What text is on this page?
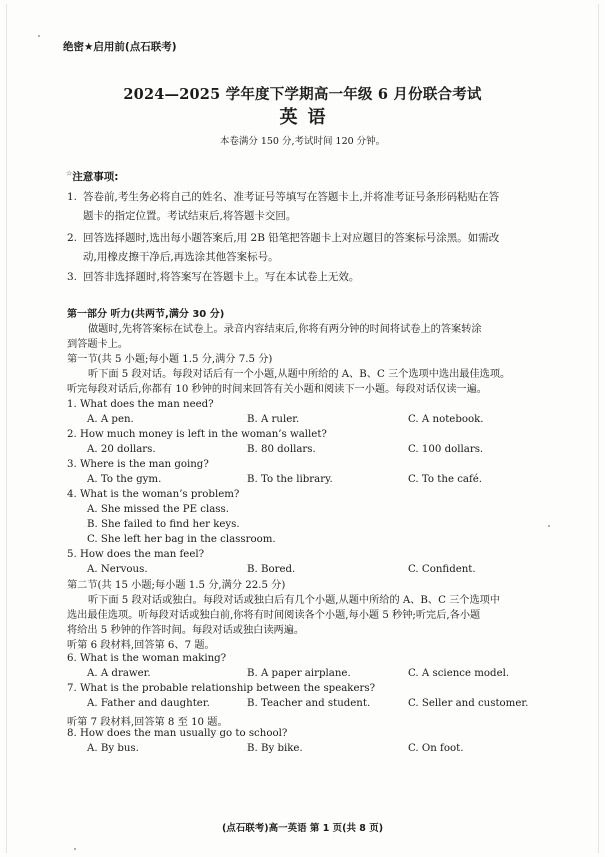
绝密★启用前(点石联考)
2024—2025 学年度下学期高一年级 6 月份联合考试
英语
本卷满分 150 分,考试时间 120 分钟。
☆注意事项:
1. 答卷前,考生务必将自己的姓名、准考证号等填写在答题卡上,并将准考证号条形码粘贴在答
题卡的指定位置。考试结束后,将答题卡交回。
2. 回答选择题时,选出每小题答案后,用 2B 铅笔把答题卡上对应题目的答案标号涂黑。如需改
动,用橡皮擦干净后,再选涂其他答案标号。
3. 回答非选择题时,将答案写在答题卡上。写在本试卷上无效。
第一部分 听力(共两节,满分 30 分)
做题时,先将答案标在试卷上。录音内容结束后,你将有两分钟的时间将试卷上的答案转涂
到答题卡上。
第一节(共 5 小题;每小题 1.5 分,满分 7.5 分)
听下面 5 段对话。每段对话后有一个小题,从题中所给的 A、B、C 三个选项中选出最佳选项。
听完每段对话后,你都有 10 秒钟的时间来回答有关小题和阅读下一小题。每段对话仅读一遍。
1. What does the man need?
A. A pen.	B. A ruler.	C. A notebook.
2. How much money is left in the woman’s wallet?
A. 20 dollars.	B. 80 dollars.	C. 100 dollars.
3. Where is the man going?
A. To the gym.	B. To the library.	C. To the café.
4. What is the woman’s problem?
A. She missed the PE class.
B. She failed to find her keys.
C. She left her bag in the classroom.
5. How does the man feel?
A. Nervous.	B. Bored.	C. Confident.
第二节(共 15 小题;每小题 1.5 分,满分 22.5 分)
听下面 5 段对话或独白。每段对话或独白后有几个小题,从题中所给的 A、B、C 三个选项中
选出最佳选项。听每段对话或独白前,你将有时间阅读各个小题,每小题 5 秒钟;听完后,各小题
将给出 5 秒钟的作答时间。每段对话或独白读两遍。
听第 6 段材料,回答第 6、7 题。
6. What is the woman making?
A. A drawer.	B. A paper airplane.	C. A science model.
7. What is the probable relationship between the speakers?
A. Father and daughter.	B. Teacher and student.	C. Seller and customer.
听第 7 段材料,回答第 8 至 10 题。
8. How does the man usually go to school?
A. By bus.	B. By bike.	C. On foot.
(点石联考)高一英语 第 1 页(共 8 页)
